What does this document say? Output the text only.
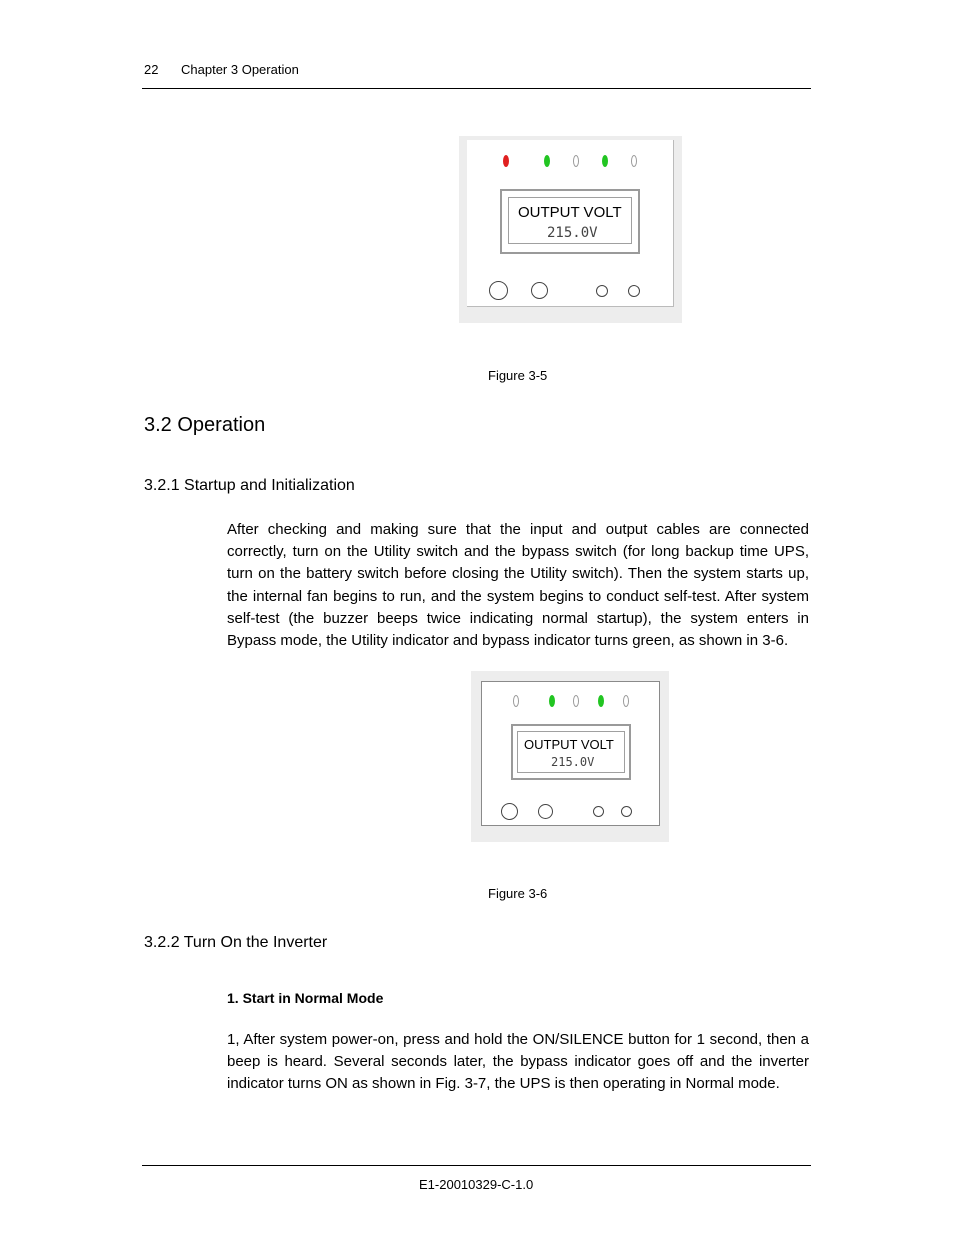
22 Chapter 3 Operation
OUTPUT VOLT
215.0V
Figure 3-5
3.2 Operation
3.2.1 Startup and Initialization
After checking and making sure that the input and output cables are connected correctly, turn on the Utility switch and the bypass switch (for long backup time UPS, turn on the battery switch before closing the Utility switch). Then the system starts up, the internal fan begins to run, and the system begins to conduct self-test. After system self-test (the buzzer beeps twice indicating normal startup), the system enters in Bypass mode, the Utility indicator and bypass indicator turns green, as shown in 3-6.
OUTPUT VOLT
215.0V
Figure 3-6
3.2.2 Turn On the Inverter
1. Start in Normal Mode
1, After system power-on, press and hold the ON/SILENCE button for 1 second, then a beep is heard. Several seconds later, the bypass indicator goes off and the inverter indicator turns ON as shown in Fig. 3-7, the UPS is then operating in Normal mode.
E1-20010329-C-1.0
